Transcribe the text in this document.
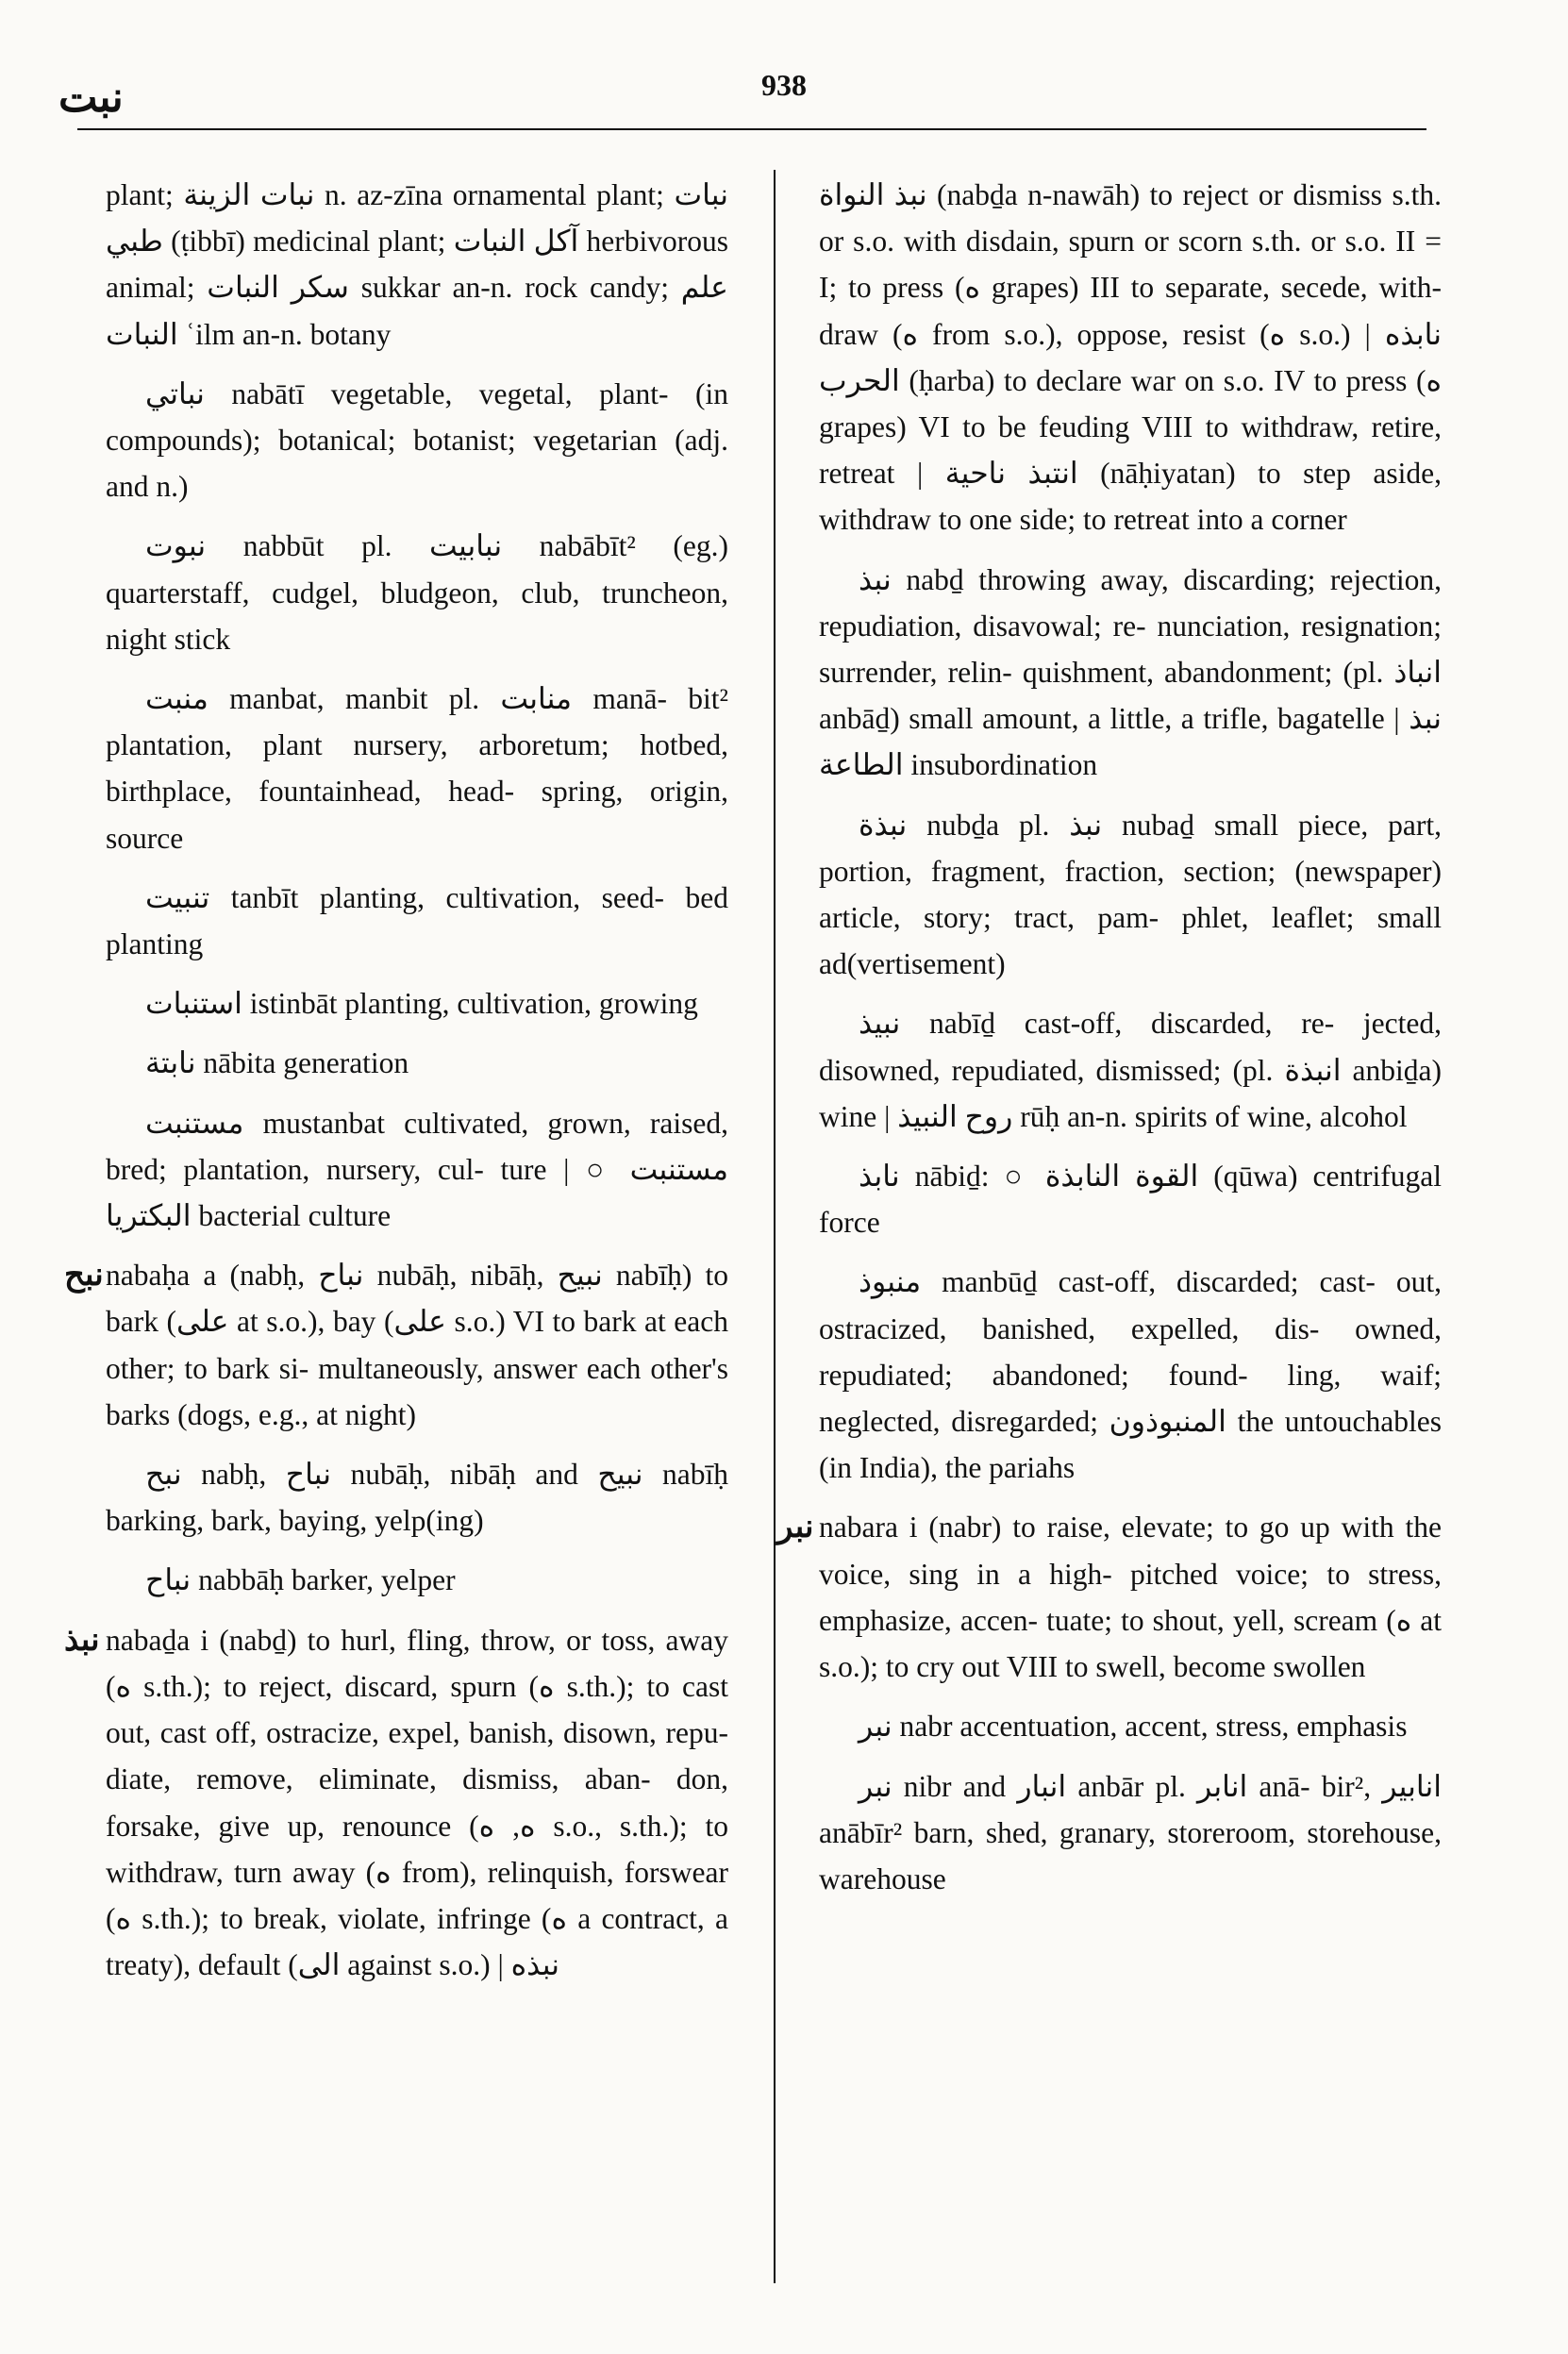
نبت	938

plant; نبات الزينة n. az-zīna ornamental plant; نبات طبي (ṭibbī) medicinal plant; آكل النبات herbivorous animal; سكر النبات sukkar an-n. rock candy; علم النبات ʿilm an-n. botany

نباتي nabātī vegetable, vegetal, plant- (in compounds); botanical; botanist; vegetarian (adj. and n.)

نبوت nabbūt pl. نبابيت nabābīt² (eg.) quarterstaff, cudgel, bludgeon, club, truncheon, night stick

منبت manbat, manbit pl. منابت manā- bit² plantation, plant nursery, arboretum; hotbed, birthplace, fountainhead, head- spring, origin, source

تنبيت tanbīt planting, cultivation, seed- bed planting

استنبات istinbāt planting, cultivation, growing

نابتة nābita generation

مستنبت mustanbat cultivated, grown, raised, bred; plantation, nursery, cul- ture | ○ مستنبت البكتريا bacterial culture

نبح nabaḥa a (nabḥ, نباح nubāḥ, nibāḥ, نبيح nabīḥ) to bark (على at s.o.), bay (على s.o.) VI to bark at each other; to bark si- multaneously, answer each other's barks (dogs, e.g., at night)

نبح nabḥ, نباح nubāḥ, nibāḥ and نبيح nabīḥ barking, bark, baying, yelp(ing)

نباح nabbāḥ barker, yelper

نبذ nabaḏa i (nabḏ) to hurl, fling, throw, or toss, away (ه s.th.); to reject, discard, spurn (ه s.th.); to cast out, cast off, ostracize, expel, banish, disown, repu- diate, remove, eliminate, dismiss, aban- don, forsake, give up, renounce (ه, ه s.o., s.th.); to withdraw, turn away (ه from), relinquish, forswear (ه s.th.); to break, violate, infringe (ه a contract, a treaty), default (الى against s.o.) | نبذه

نبذ النواة (nabḏa n-nawāh) to reject or dismiss s.th. or s.o. with disdain, spurn or scorn s.th. or s.o. II = I; to press (ه grapes) III to separate, secede, with- draw (ه from s.o.), oppose, resist (ه s.o.) | نابذه الحرب (ḥarba) to declare war on s.o. IV to press (ه grapes) VI to be feuding VIII to withdraw, retire, retreat | انتبذ ناحية (nāḥiyatan) to step aside, withdraw to one side; to retreat into a corner

نبذ nabḏ throwing away, discarding; rejection, repudiation, disavowal; re- nunciation, resignation; surrender, relin- quishment, abandonment; (pl. انباذ anbāḏ) small amount, a little, a trifle, bagatelle | نبذ الطاعة insubordination

نبذة nubḏa pl. نبذ nubaḏ small piece, part, portion, fragment, fraction, section; (newspaper) article, story; tract, pam- phlet, leaflet; small ad(vertisement)

نبيذ nabīḏ cast-off, discarded, re- jected, disowned, repudiated, dismissed; (pl. انبذة anbiḏa) wine | روح النبيذ rūḥ an-n. spirits of wine, alcohol

نابذ nābiḏ: ○ القوة النابذة (qūwa) centrifugal force

منبوذ manbūḏ cast-off, discarded; cast- out, ostracized, banished, expelled, dis- owned, repudiated; abandoned; found- ling, waif; neglected, disregarded; المنبوذون the untouchables (in India), the pariahs

نبر nabara i (nabr) to raise, elevate; to go up with the voice, sing in a high- pitched voice; to stress, emphasize, accen- tuate; to shout, yell, scream (ه at s.o.); to cry out VIII to swell, become swollen

نبر nabr accentuation, accent, stress, emphasis

نبر nibr and انبار anbār pl. انابر anā- bir², انابير anābīr² barn, shed, granary, storeroom, storehouse, warehouse
